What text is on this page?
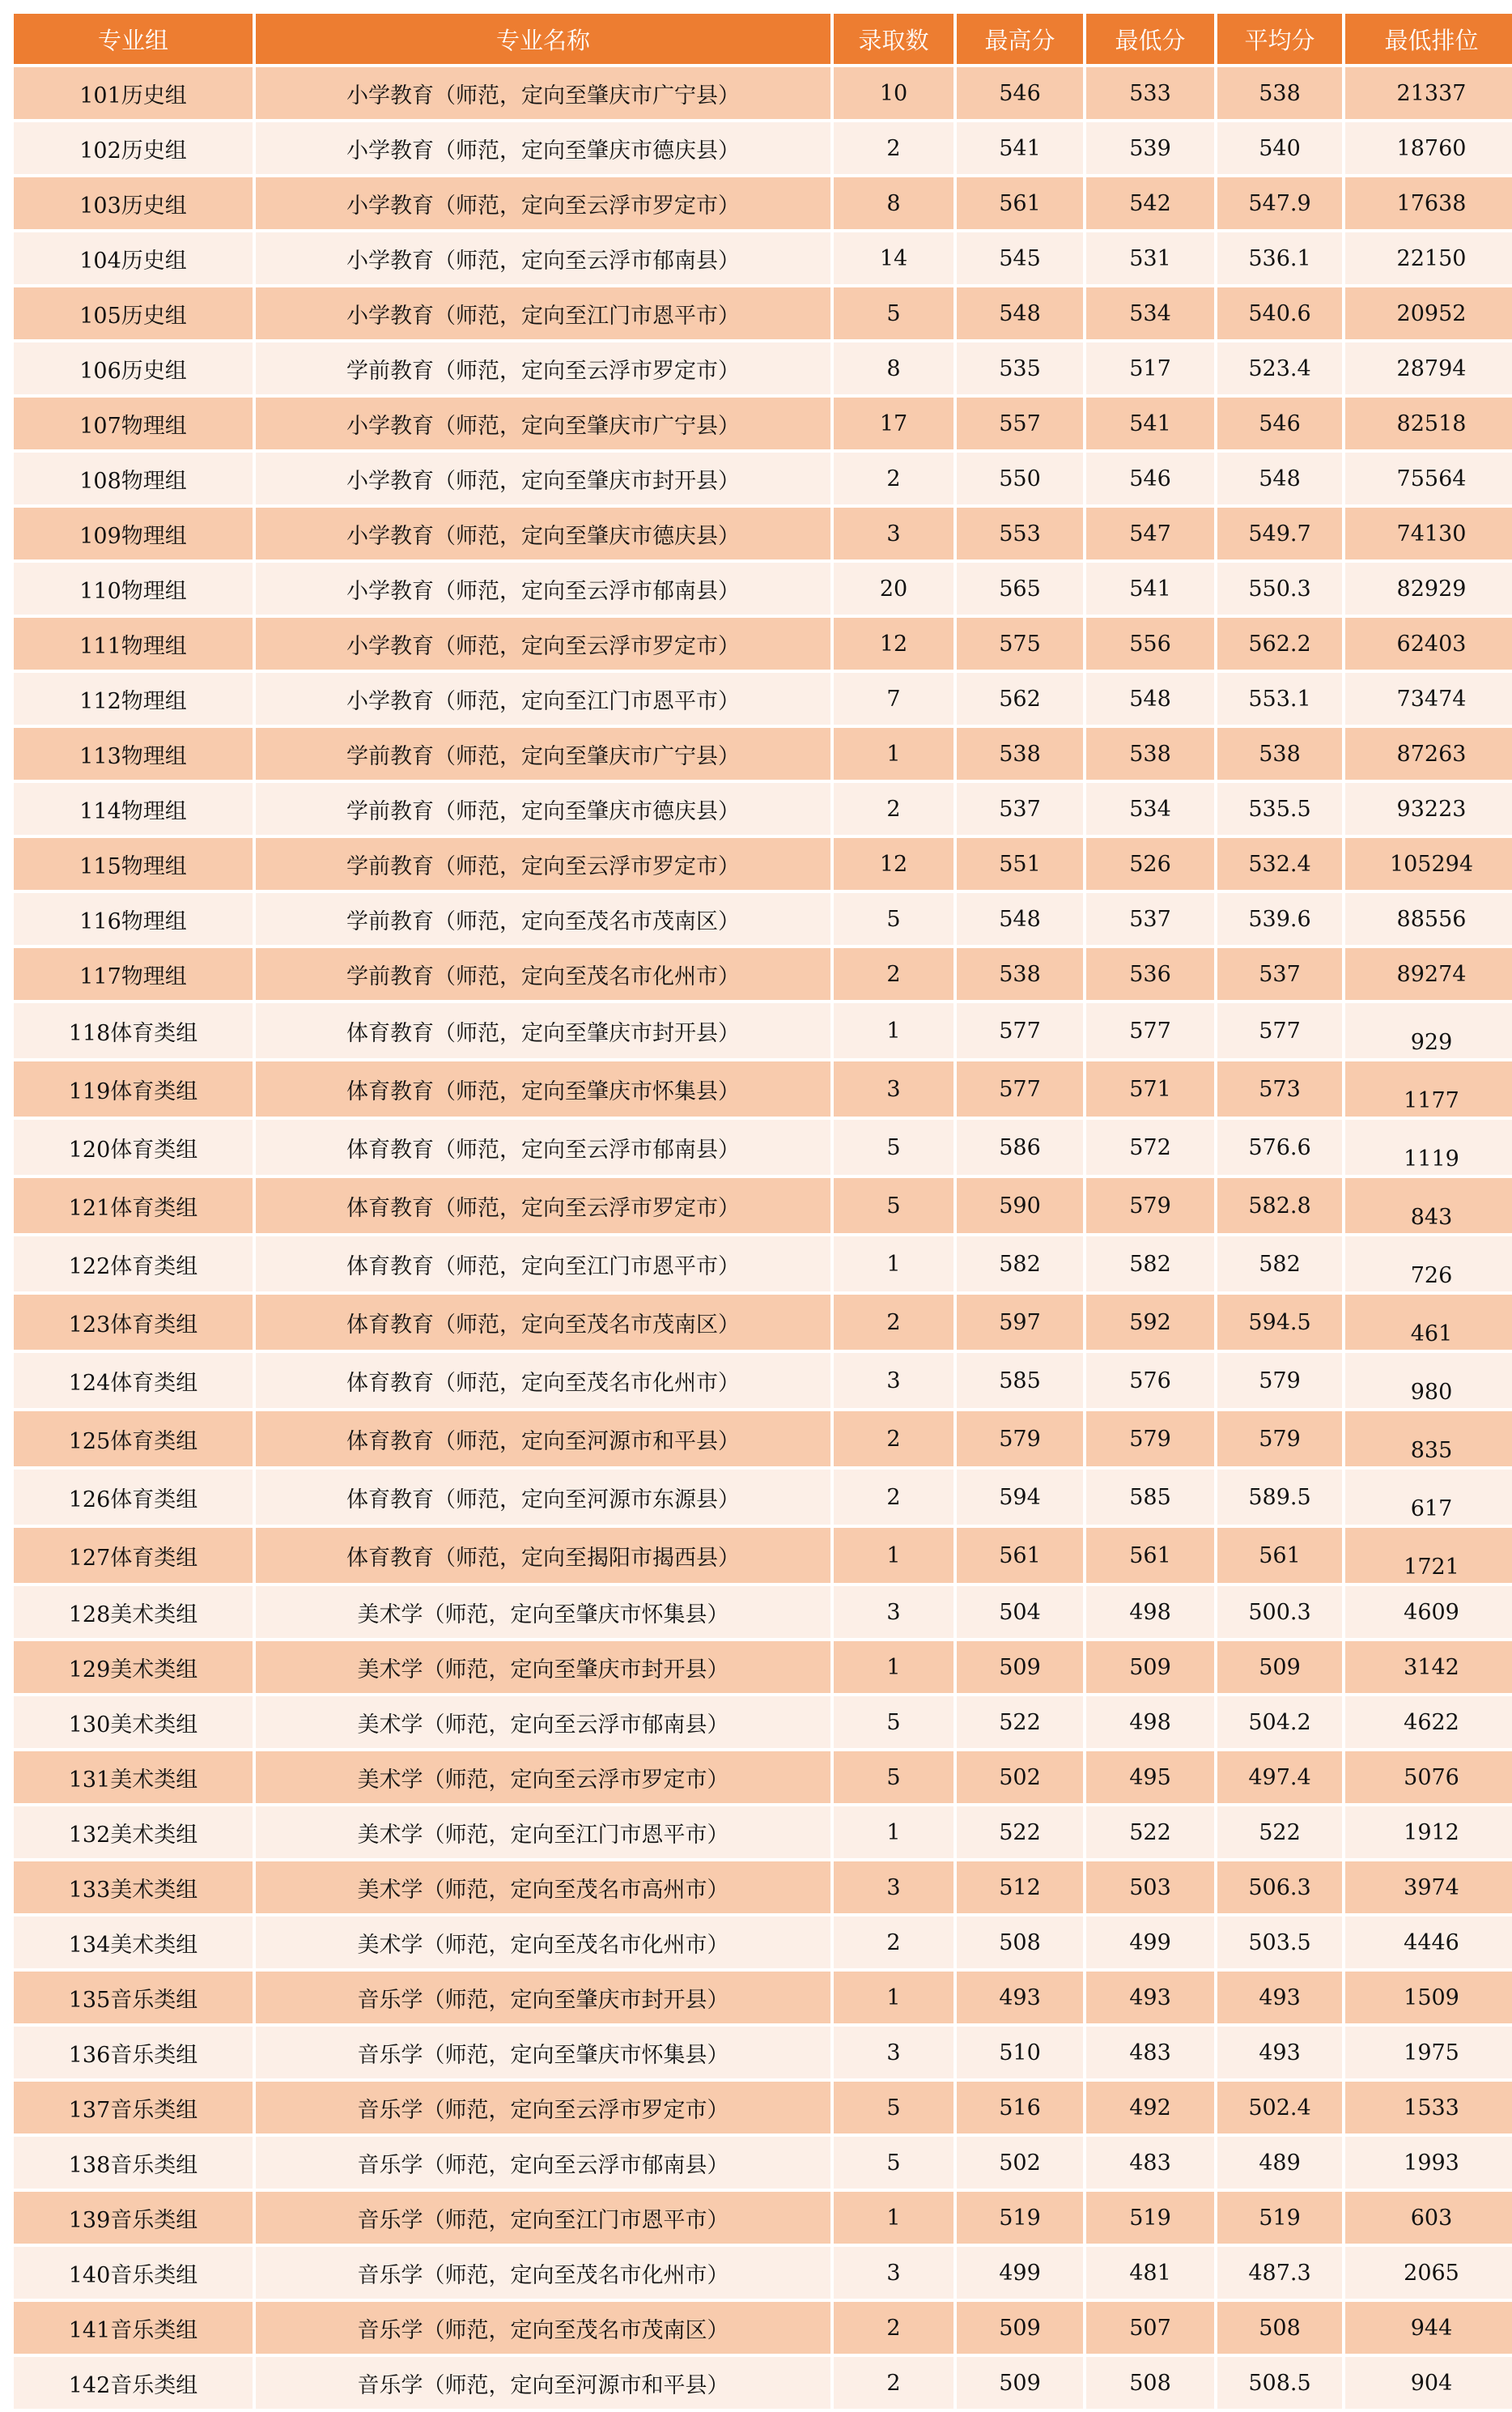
专业组	专业名称	录取数	最高分	最低分	平均分	最低排位
101历史组	小学教育（师范，定向至肇庆市广宁县）	10	546	533	538	21337
102历史组	小学教育（师范，定向至肇庆市德庆县）	2	541	539	540	18760
103历史组	小学教育（师范，定向至云浮市罗定市）	8	561	542	547.9	17638
104历史组	小学教育（师范，定向至云浮市郁南县）	14	545	531	536.1	22150
105历史组	小学教育（师范，定向至江门市恩平市）	5	548	534	540.6	20952
106历史组	学前教育（师范，定向至云浮市罗定市）	8	535	517	523.4	28794
107物理组	小学教育（师范，定向至肇庆市广宁县）	17	557	541	546	82518
108物理组	小学教育（师范，定向至肇庆市封开县）	2	550	546	548	75564
109物理组	小学教育（师范，定向至肇庆市德庆县）	3	553	547	549.7	74130
110物理组	小学教育（师范，定向至云浮市郁南县）	20	565	541	550.3	82929
111物理组	小学教育（师范，定向至云浮市罗定市）	12	575	556	562.2	62403
112物理组	小学教育（师范，定向至江门市恩平市）	7	562	548	553.1	73474
113物理组	学前教育（师范，定向至肇庆市广宁县）	1	538	538	538	87263
114物理组	学前教育（师范，定向至肇庆市德庆县）	2	537	534	535.5	93223
115物理组	学前教育（师范，定向至云浮市罗定市）	12	551	526	532.4	105294
116物理组	学前教育（师范，定向至茂名市茂南区）	5	548	537	539.6	88556
117物理组	学前教育（师范，定向至茂名市化州市）	2	538	536	537	89274
118体育类组	体育教育（师范，定向至肇庆市封开县）	1	577	577	577	929
119体育类组	体育教育（师范，定向至肇庆市怀集县）	3	577	571	573	1177
120体育类组	体育教育（师范，定向至云浮市郁南县）	5	586	572	576.6	1119
121体育类组	体育教育（师范，定向至云浮市罗定市）	5	590	579	582.8	843
122体育类组	体育教育（师范，定向至江门市恩平市）	1	582	582	582	726
123体育类组	体育教育（师范，定向至茂名市茂南区）	2	597	592	594.5	461
124体育类组	体育教育（师范，定向至茂名市化州市）	3	585	576	579	980
125体育类组	体育教育（师范，定向至河源市和平县）	2	579	579	579	835
126体育类组	体育教育（师范，定向至河源市东源县）	2	594	585	589.5	617
127体育类组	体育教育（师范，定向至揭阳市揭西县）	1	561	561	561	1721
128美术类组	美术学（师范，定向至肇庆市怀集县）	3	504	498	500.3	4609
129美术类组	美术学（师范，定向至肇庆市封开县）	1	509	509	509	3142
130美术类组	美术学（师范，定向至云浮市郁南县）	5	522	498	504.2	4622
131美术类组	美术学（师范，定向至云浮市罗定市）	5	502	495	497.4	5076
132美术类组	美术学（师范，定向至江门市恩平市）	1	522	522	522	1912
133美术类组	美术学（师范，定向至茂名市高州市）	3	512	503	506.3	3974
134美术类组	美术学（师范，定向至茂名市化州市）	2	508	499	503.5	4446
135音乐类组	音乐学（师范，定向至肇庆市封开县）	1	493	493	493	1509
136音乐类组	音乐学（师范，定向至肇庆市怀集县）	3	510	483	493	1975
137音乐类组	音乐学（师范，定向至云浮市罗定市）	5	516	492	502.4	1533
138音乐类组	音乐学（师范，定向至云浮市郁南县）	5	502	483	489	1993
139音乐类组	音乐学（师范，定向至江门市恩平市）	1	519	519	519	603
140音乐类组	音乐学（师范，定向至茂名市化州市）	3	499	481	487.3	2065
141音乐类组	音乐学（师范，定向至茂名市茂南区）	2	509	507	508	944
142音乐类组	音乐学（师范，定向至河源市和平县）	2	509	508	508.5	904
